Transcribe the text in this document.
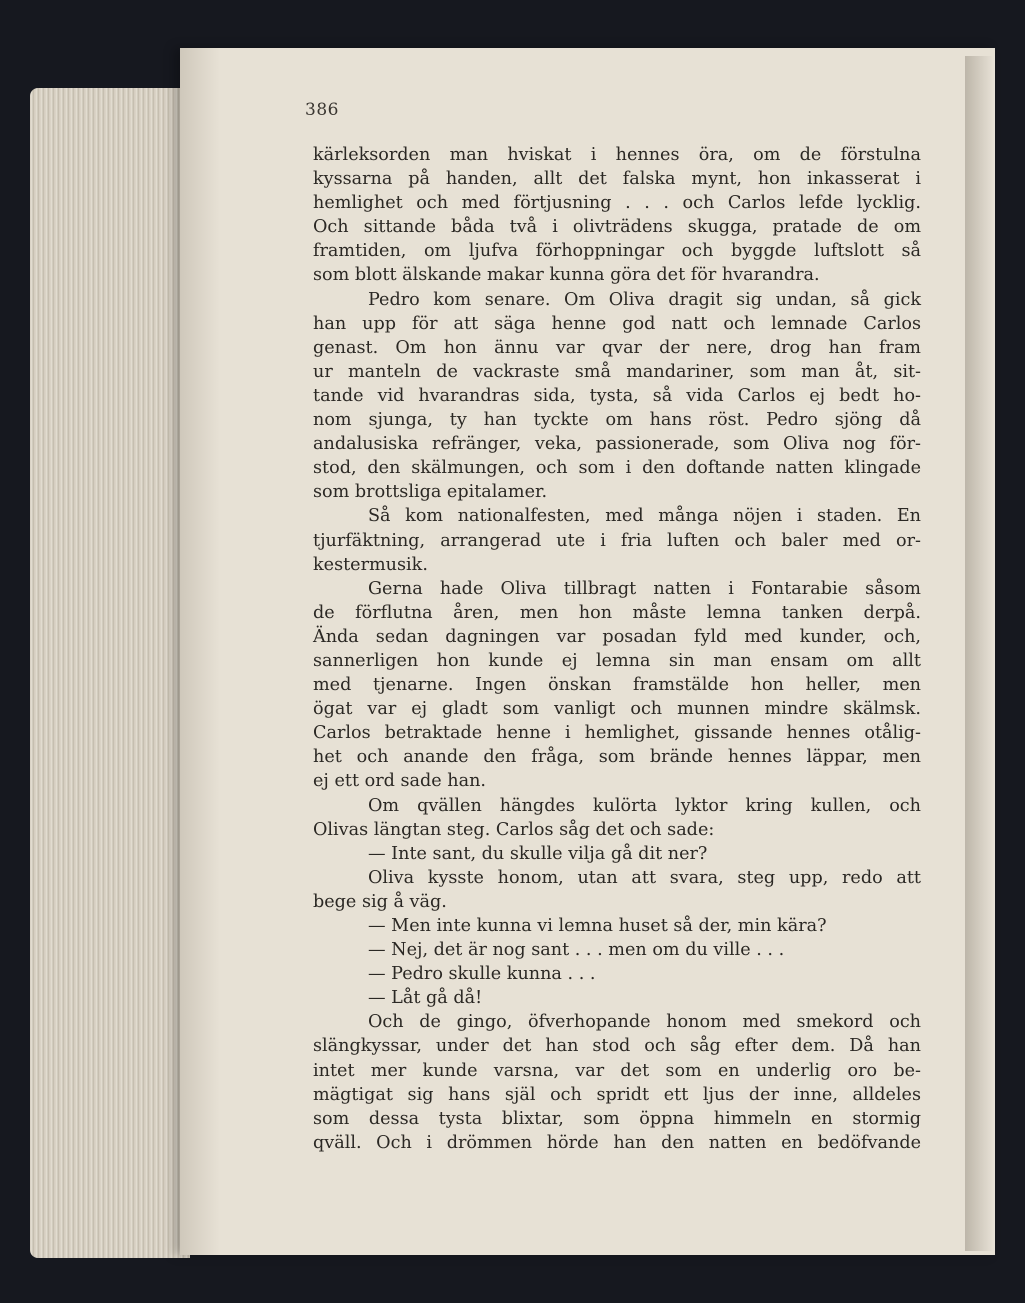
386
kärleksorden man hviskat i hennes öra, om de förstulna
kyssarna på handen, allt det falska mynt, hon inkasserat i
hemlighet och med förtjusning . . . och Carlos lefde lycklig.
Och sittande båda två i olivträdens skugga, pratade de om
framtiden, om ljufva förhoppningar och byggde luftslott så
som blott älskande makar kunna göra det för hvarandra.
Pedro kom senare. Om Oliva dragit sig undan, så gick
han upp för att säga henne god natt och lemnade Carlos
genast. Om hon ännu var qvar der nere, drog han fram
ur manteln de vackraste små mandariner, som man åt, sit-
tande vid hvarandras sida, tysta, så vida Carlos ej bedt ho-
nom sjunga, ty han tyckte om hans röst. Pedro sjöng då
andalusiska refränger, veka, passionerade, som Oliva nog för-
stod, den skälmungen, och som i den doftande natten klingade
som brottsliga epitalamer.
Så kom nationalfesten, med många nöjen i staden. En
tjurfäktning, arrangerad ute i fria luften och baler med or-
kestermusik.
Gerna hade Oliva tillbragt natten i Fontarabie såsom
de förflutna åren, men hon måste lemna tanken derpå.
Ända sedan dagningen var posadan fyld med kunder, och,
sannerligen hon kunde ej lemna sin man ensam om allt
med tjenarne. Ingen önskan framstälde hon heller, men
ögat var ej gladt som vanligt och munnen mindre skälmsk.
Carlos betraktade henne i hemlighet, gissande hennes otålig-
het och anande den fråga, som brände hennes läppar, men
ej ett ord sade han.
Om qvällen hängdes kulörta lyktor kring kullen, och
Olivas längtan steg. Carlos såg det och sade:
— Inte sant, du skulle vilja gå dit ner?
Oliva kysste honom, utan att svara, steg upp, redo att
bege sig å väg.
— Men inte kunna vi lemna huset så der, min kära?
— Nej, det är nog sant . . . men om du ville . . .
— Pedro skulle kunna . . .
— Låt gå då!
Och de gingo, öfverhopande honom med smekord och
slängkyssar, under det han stod och såg efter dem. Då han
intet mer kunde varsna, var det som en underlig oro be-
mägtigat sig hans själ och spridt ett ljus der inne, alldeles
som dessa tysta blixtar, som öppna himmeln en stormig
qväll. Och i drömmen hörde han den natten en bedöfvande
